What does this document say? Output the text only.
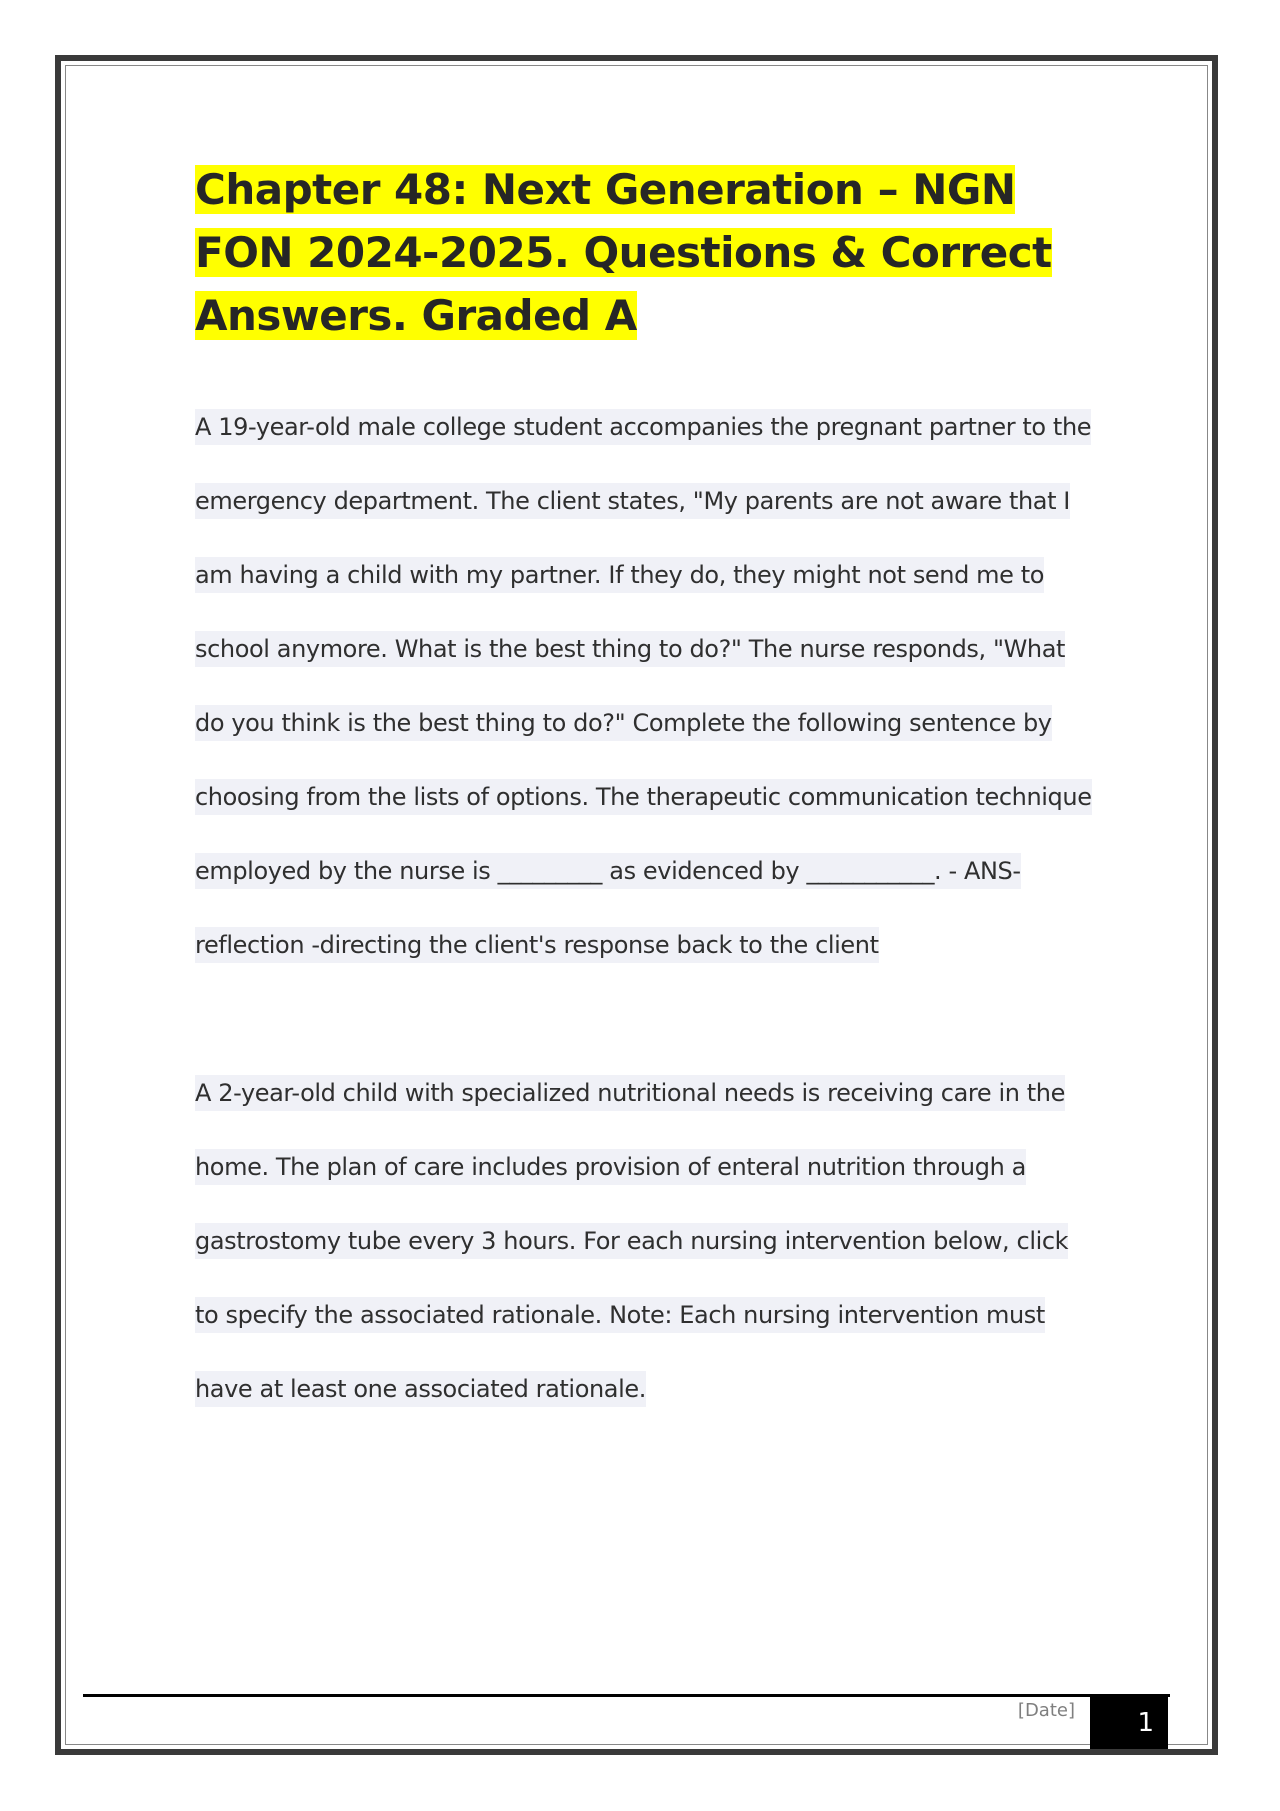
Chapter 48: Next Generation – NGN FON 2024-2025. Questions & Correct Answers. Graded A

A 19-year-old male college student accompanies the pregnant partner to the emergency department. The client states, "My parents are not aware that I am having a child with my partner. If they do, they might not send me to school anymore. What is the best thing to do?" The nurse responds, "What do you think is the best thing to do?" Complete the following sentence by choosing from the lists of options. The therapeutic communication technique employed by the nurse is _________ as evidenced by ___________. - ANS-reflection -directing the client's response back to the client

A 2-year-old child with specialized nutritional needs is receiving care in the home. The plan of care includes provision of enteral nutrition through a gastrostomy tube every 3 hours. For each nursing intervention below, click to specify the associated rationale. Note: Each nursing intervention must have at least one associated rationale.

[Date] 1
